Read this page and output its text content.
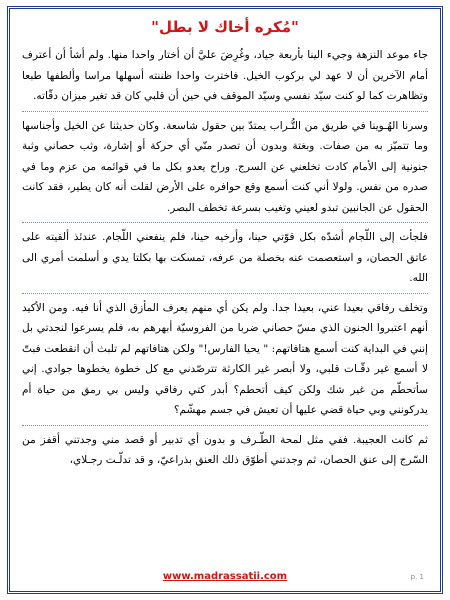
"مُكره أخاك لا بطل"

جاء موعد النزهة وجيء الينا بأربعة جياد، وغُرِضَ عليَّ أن أختار واحدا منها. ولم أشأ أن أعترف أمام الآخرين أن لا عهد لي بركوب الخيل. فاخترت واحدا ظننته أسهلها مراسا وألطفها طبعا وتظاهرت كما لو كنت سيّد نفسي وسيّد الموقف في حين أن قلبي كان قد تغير ميزان دقّاته.

وسرنا الهُـوينا في طريق من التُّـراب يمتدّ بين حقول شاسعة. وكان حديثنا عن الخيل وأجناسها وما تتميّز به من صفات. وبغتة وبدون أن تصدر منّي أي حركة أو إشارة، وثب حصاني وثبة جنونية إلى الأمام كادت تخلعني عن السرج. وراح يعدو بكل ما في قوائمه من عزم وما في صدره من نفس. ولولا أني كنت أسمع وقع حوافره على الأرض لقلت أنه كان يطير، فقد كانت الحقول عن الجانبين تبدو لعيني وتغيب بسرعة تخطف البصر.

فلجأت إلى اللّجام أشدّه بكل قوّتي حينا، وأرخيه حينا، فلم ينفعني اللّجام. عندئذ ألقيته على عاتق الحصان، و استعصمت عنه بخصلة من عرفه، تمسكت بها بكلتا يدي و أسلمت أمري الى الله.

وتخلف رفاقي بعيدا عني، بعيدا جدا. ولم يكن أي منهم يعرف المأزق الذي أنا فيه. ومن الأكيد أنهم اعتبروا الجنون الذي مسّ حصاني ضربا من الفروسيّة أبهرهم به، فلم يسرعوا لنجدتي بل إنني في البداية كنت أسمع هتافاتهم: " يحيا الفارس!" ولكن هتافاتهم لم تلبث أن انقطعت فبتّ لا أسمع غير دقّـات قلبي، ولا أبصر غير الكارثة تترصّدني مع كل خطوة يخطوها جوادي. إني سأتحطّم من غير شك ولكن كيف أتحطم؟ أبدر كتي رفاقي وليس بي رمق من حياة أم يدركونني وبي حياة قضي عليها أن تعيش في جسم مهشّم؟

ثم كانت العجيبة. ففي مثل لمحة الطّـرف و بدون أي تدبير أو قصد مني وجدتني أقفز من السّرج إلى عنق الحصان، ثم وجدتني أطوّق ذلك العنق بذراعيّ، و قد تدلّـت رجـلاي،

www.madrassatii.com	p. 1
